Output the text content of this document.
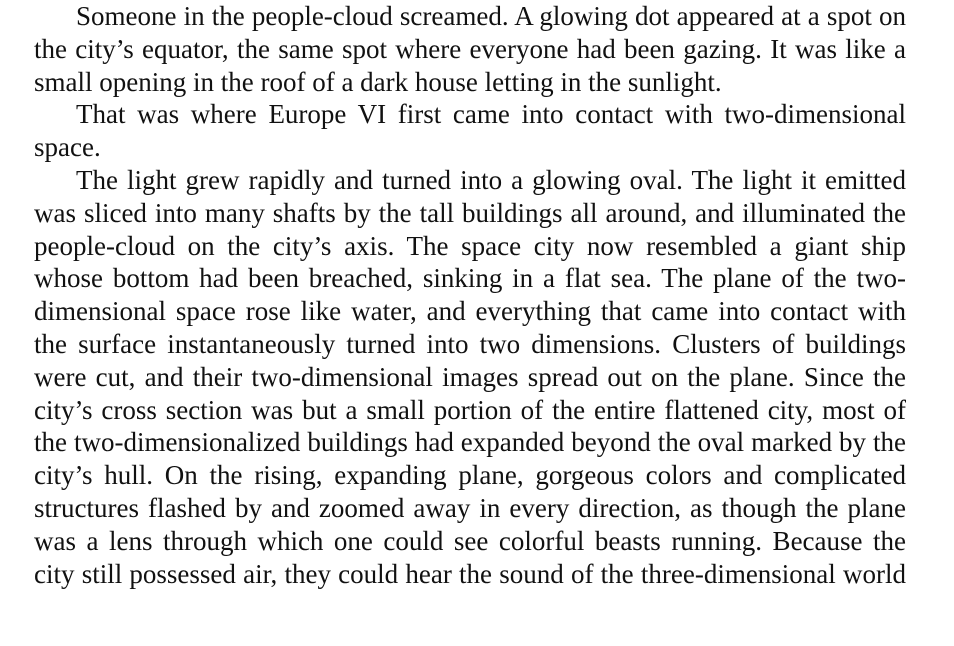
Someone in the people-cloud screamed. A glowing dot appeared at a spot on the city’s equator, the same spot where everyone had been gazing. It was like a small opening in the roof of a dark house letting in the sunlight.

That was where Europe VI first came into contact with two-dimensional space.

The light grew rapidly and turned into a glowing oval. The light it emitted was sliced into many shafts by the tall buildings all around, and illuminated the people-cloud on the city’s axis. The space city now resembled a giant ship whose bottom had been breached, sinking in a flat sea. The plane of the two-dimensional space rose like water, and everything that came into contact with the surface instantaneously turned into two dimensions. Clusters of buildings were cut, and their two-dimensional images spread out on the plane. Since the city’s cross section was but a small portion of the entire flattened city, most of the two-dimensionalized buildings had expanded beyond the oval marked by the city’s hull. On the rising, expanding plane, gorgeous colors and complicated structures flashed by and zoomed away in every direction, as though the plane was a lens through which one could see colorful beasts running. Because the city still possessed air, they could hear the sound of the three-dimensional world
